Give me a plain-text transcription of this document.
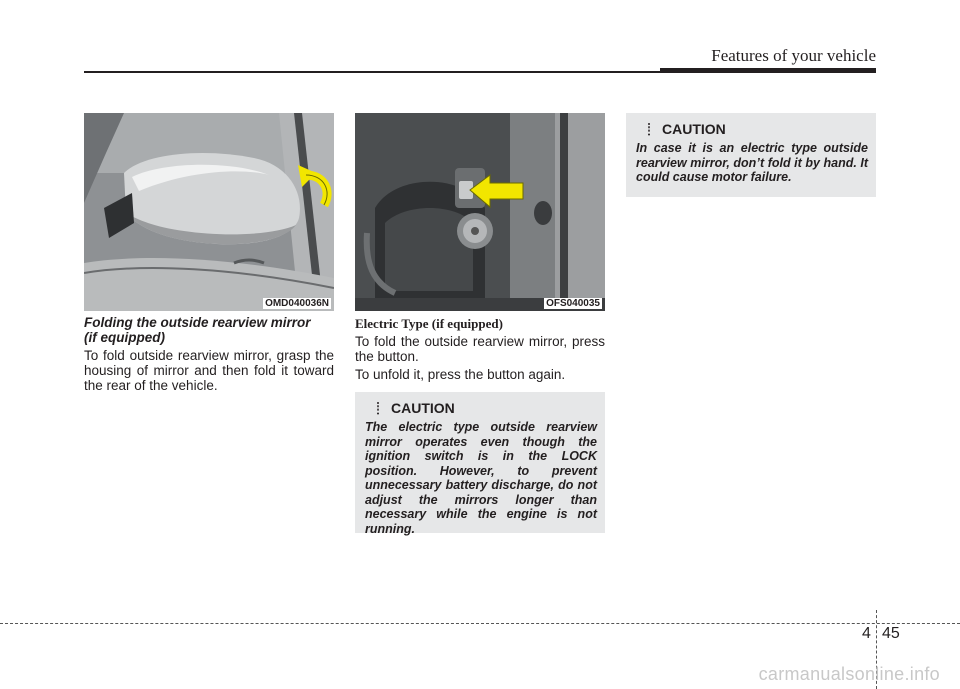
Features of your vehicle
OMD040036N
Folding the outside rearview mirror
(if equipped)

To fold outside rearview mirror, grasp the housing of mirror and then fold it toward the rear of the vehicle.

OFS040035
Electric Type (if equipped)

To fold the outside rearview mirror, press the button.

To unfold it, press the button again.

CAUTION
The electric type outside rearview mirror operates even though the ignition switch is in the LOCK position. However, to prevent unnecessary battery discharge, do not adjust the mirrors longer than necessary while the engine is not running.
CAUTION
In case it is an electric type outside rearview mirror, don’t fold it by hand. It could cause motor failure.
4 45
carmanualsonline.info
